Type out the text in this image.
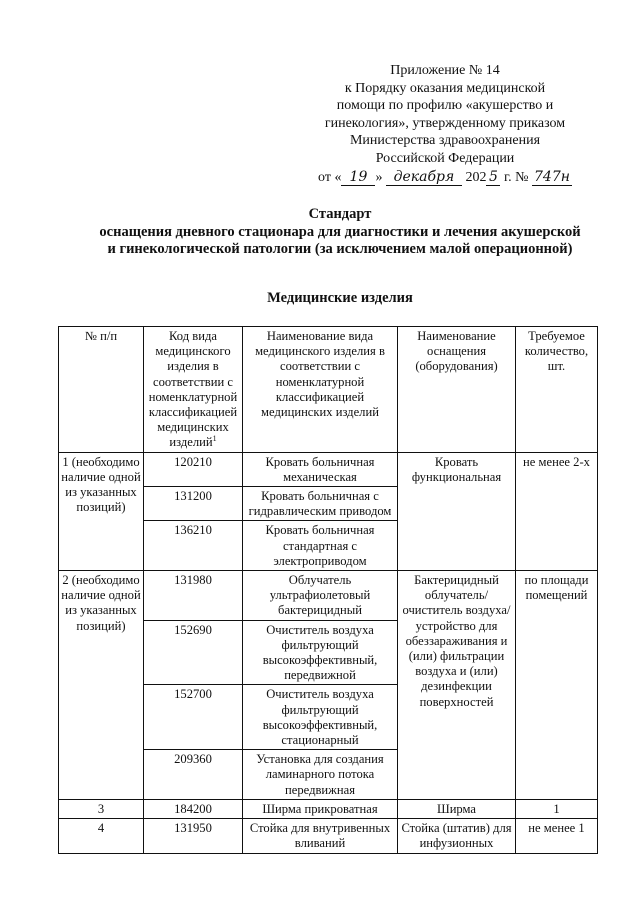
Приложение № 14
к Порядку оказания медицинской
помощи по профилю «акушерство и
гинекология», утвержденному приказом
Министерства здравоохранения
Российской Федерации
от « 19 » декабря 202 5 г. № 747н
Стандарт
оснащения дневного стационара для диагностики и лечения акушерской
и гинекологической патологии (за исключением малой операционной)
Медицинские изделия
№ п/п	Код вида медицинского изделия в соответствии с номенклатурной классификацией медицинских изделий$^1$	Наименование вида медицинского изделия в соответствии с номенклатурной классификацией медицинских изделий	Наименование оснащения (оборудования)	Требуемое количество, шт.
1 (необходимо наличие одной из указанных позиций)	120210	Кровать больничная механическая	Кровать функциональная	не менее 2-х
	131200	Кровать больничная с гидравлическим приводом		
	136210	Кровать больничная стандартная с электроприводом		
2 (необходимо наличие одной из указанных позиций)	131980	Облучатель ультрафиолетовый бактерицидный	Бактерицидный облучатель/ очиститель воздуха/ устройство для обеззараживания и (или) фильтрации воздуха и (или) дезинфекции поверхностей	по площади помещений
	152690	Очиститель воздуха фильтрующий высокоэффективный, передвижной		
	152700	Очиститель воздуха фильтрующий высокоэффективный, стационарный		
	209360	Установка для создания ламинарного потока передвижная		
3	184200	Ширма прикроватная	Ширма	1
4	131950	Стойка для внутривенных вливаний	Стойка (штатив) для инфузионных	не менее 1
